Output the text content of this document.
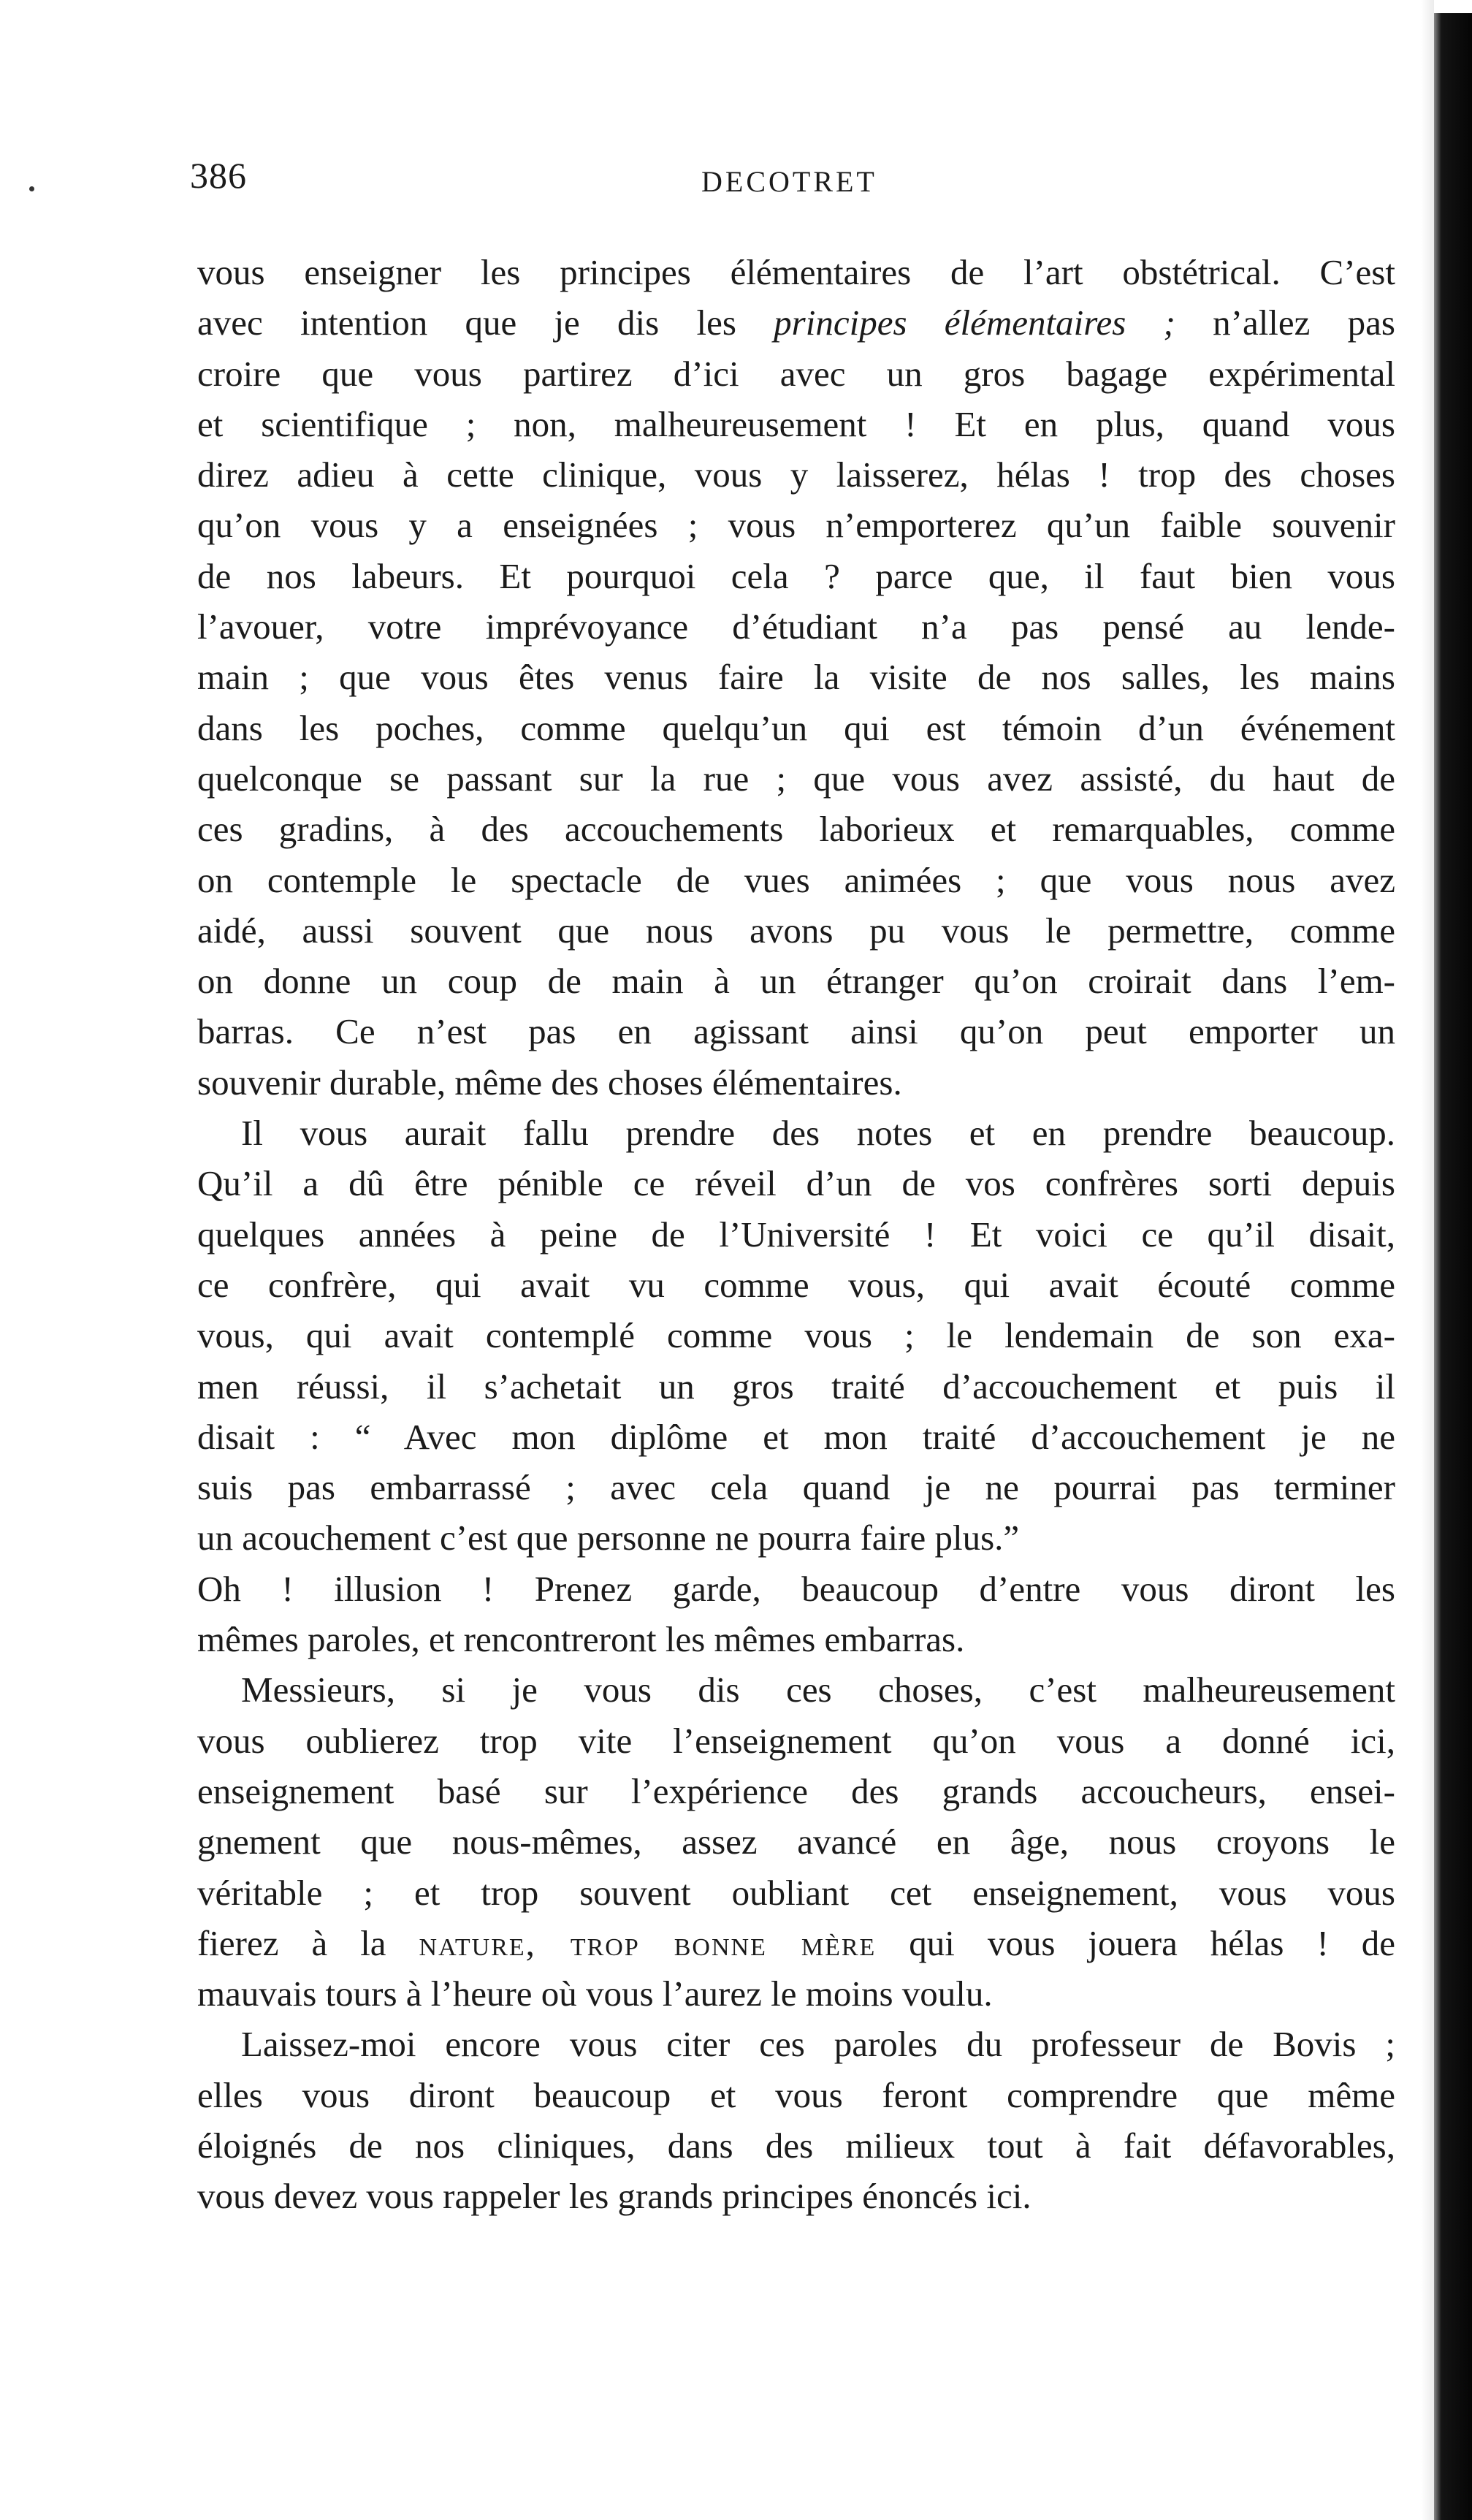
386	DECOTRET
vous enseigner les principes élémentaires de l’art obstétrical. C’est
avec intention que je dis les principes élémentaires ; n’allez pas
croire que vous partirez d’ici avec un gros bagage expérimental
et scientifique ; non, malheureusement ! Et en plus, quand vous
direz adieu à cette clinique, vous y laisserez, hélas ! trop des choses
qu’on vous y a enseignées ; vous n’emporterez qu’un faible souvenir
de nos labeurs. Et pourquoi cela ? parce que, il faut bien vous
l’avouer, votre imprévoyance d’étudiant n’a pas pensé au lende-
main ; que vous êtes venus faire la visite de nos salles, les mains
dans les poches, comme quelqu’un qui est témoin d’un événement
quelconque se passant sur la rue ; que vous avez assisté, du haut de
ces gradins, à des accouchements laborieux et remarquables, comme
on contemple le spectacle de vues animées ; que vous nous avez
aidé, aussi souvent que nous avons pu vous le permettre, comme
on donne un coup de main à un étranger qu’on croirait dans l’em-
barras. Ce n’est pas en agissant ainsi qu’on peut emporter un
souvenir durable, même des choses élémentaires.
Il vous aurait fallu prendre des notes et en prendre beaucoup.
Qu’il a dû être pénible ce réveil d’un de vos confrères sorti depuis
quelques années à peine de l’Université ! Et voici ce qu’il disait,
ce confrère, qui avait vu comme vous, qui avait écouté comme
vous, qui avait contemplé comme vous ; le lendemain de son exa-
men réussi, il s’achetait un gros traité d’accouchement et puis il
disait : “ Avec mon diplôme et mon traité d’accouchement je ne
suis pas embarrassé ; avec cela quand je ne pourrai pas terminer
un acouchement c’est que personne ne pourra faire plus.”
Oh ! illusion ! Prenez garde, beaucoup d’entre vous diront les
mêmes paroles, et rencontreront les mêmes embarras.
Messieurs, si je vous dis ces choses, c’est malheureusement
vous oublierez trop vite l’enseignement qu’on vous a donné ici,
enseignement basé sur l’expérience des grands accoucheurs, ensei-
gnement que nous-mêmes, assez avancé en âge, nous croyons le
véritable ; et trop souvent oubliant cet enseignement, vous vous
fierez à la nature, trop bonne mère qui vous jouera hélas ! de
mauvais tours à l’heure où vous l’aurez le moins voulu.
Laissez-moi encore vous citer ces paroles du professeur de Bovis ;
elles vous diront beaucoup et vous feront comprendre que même
éloignés de nos cliniques, dans des milieux tout à fait défavorables,
vous devez vous rappeler les grands principes énoncés ici.
